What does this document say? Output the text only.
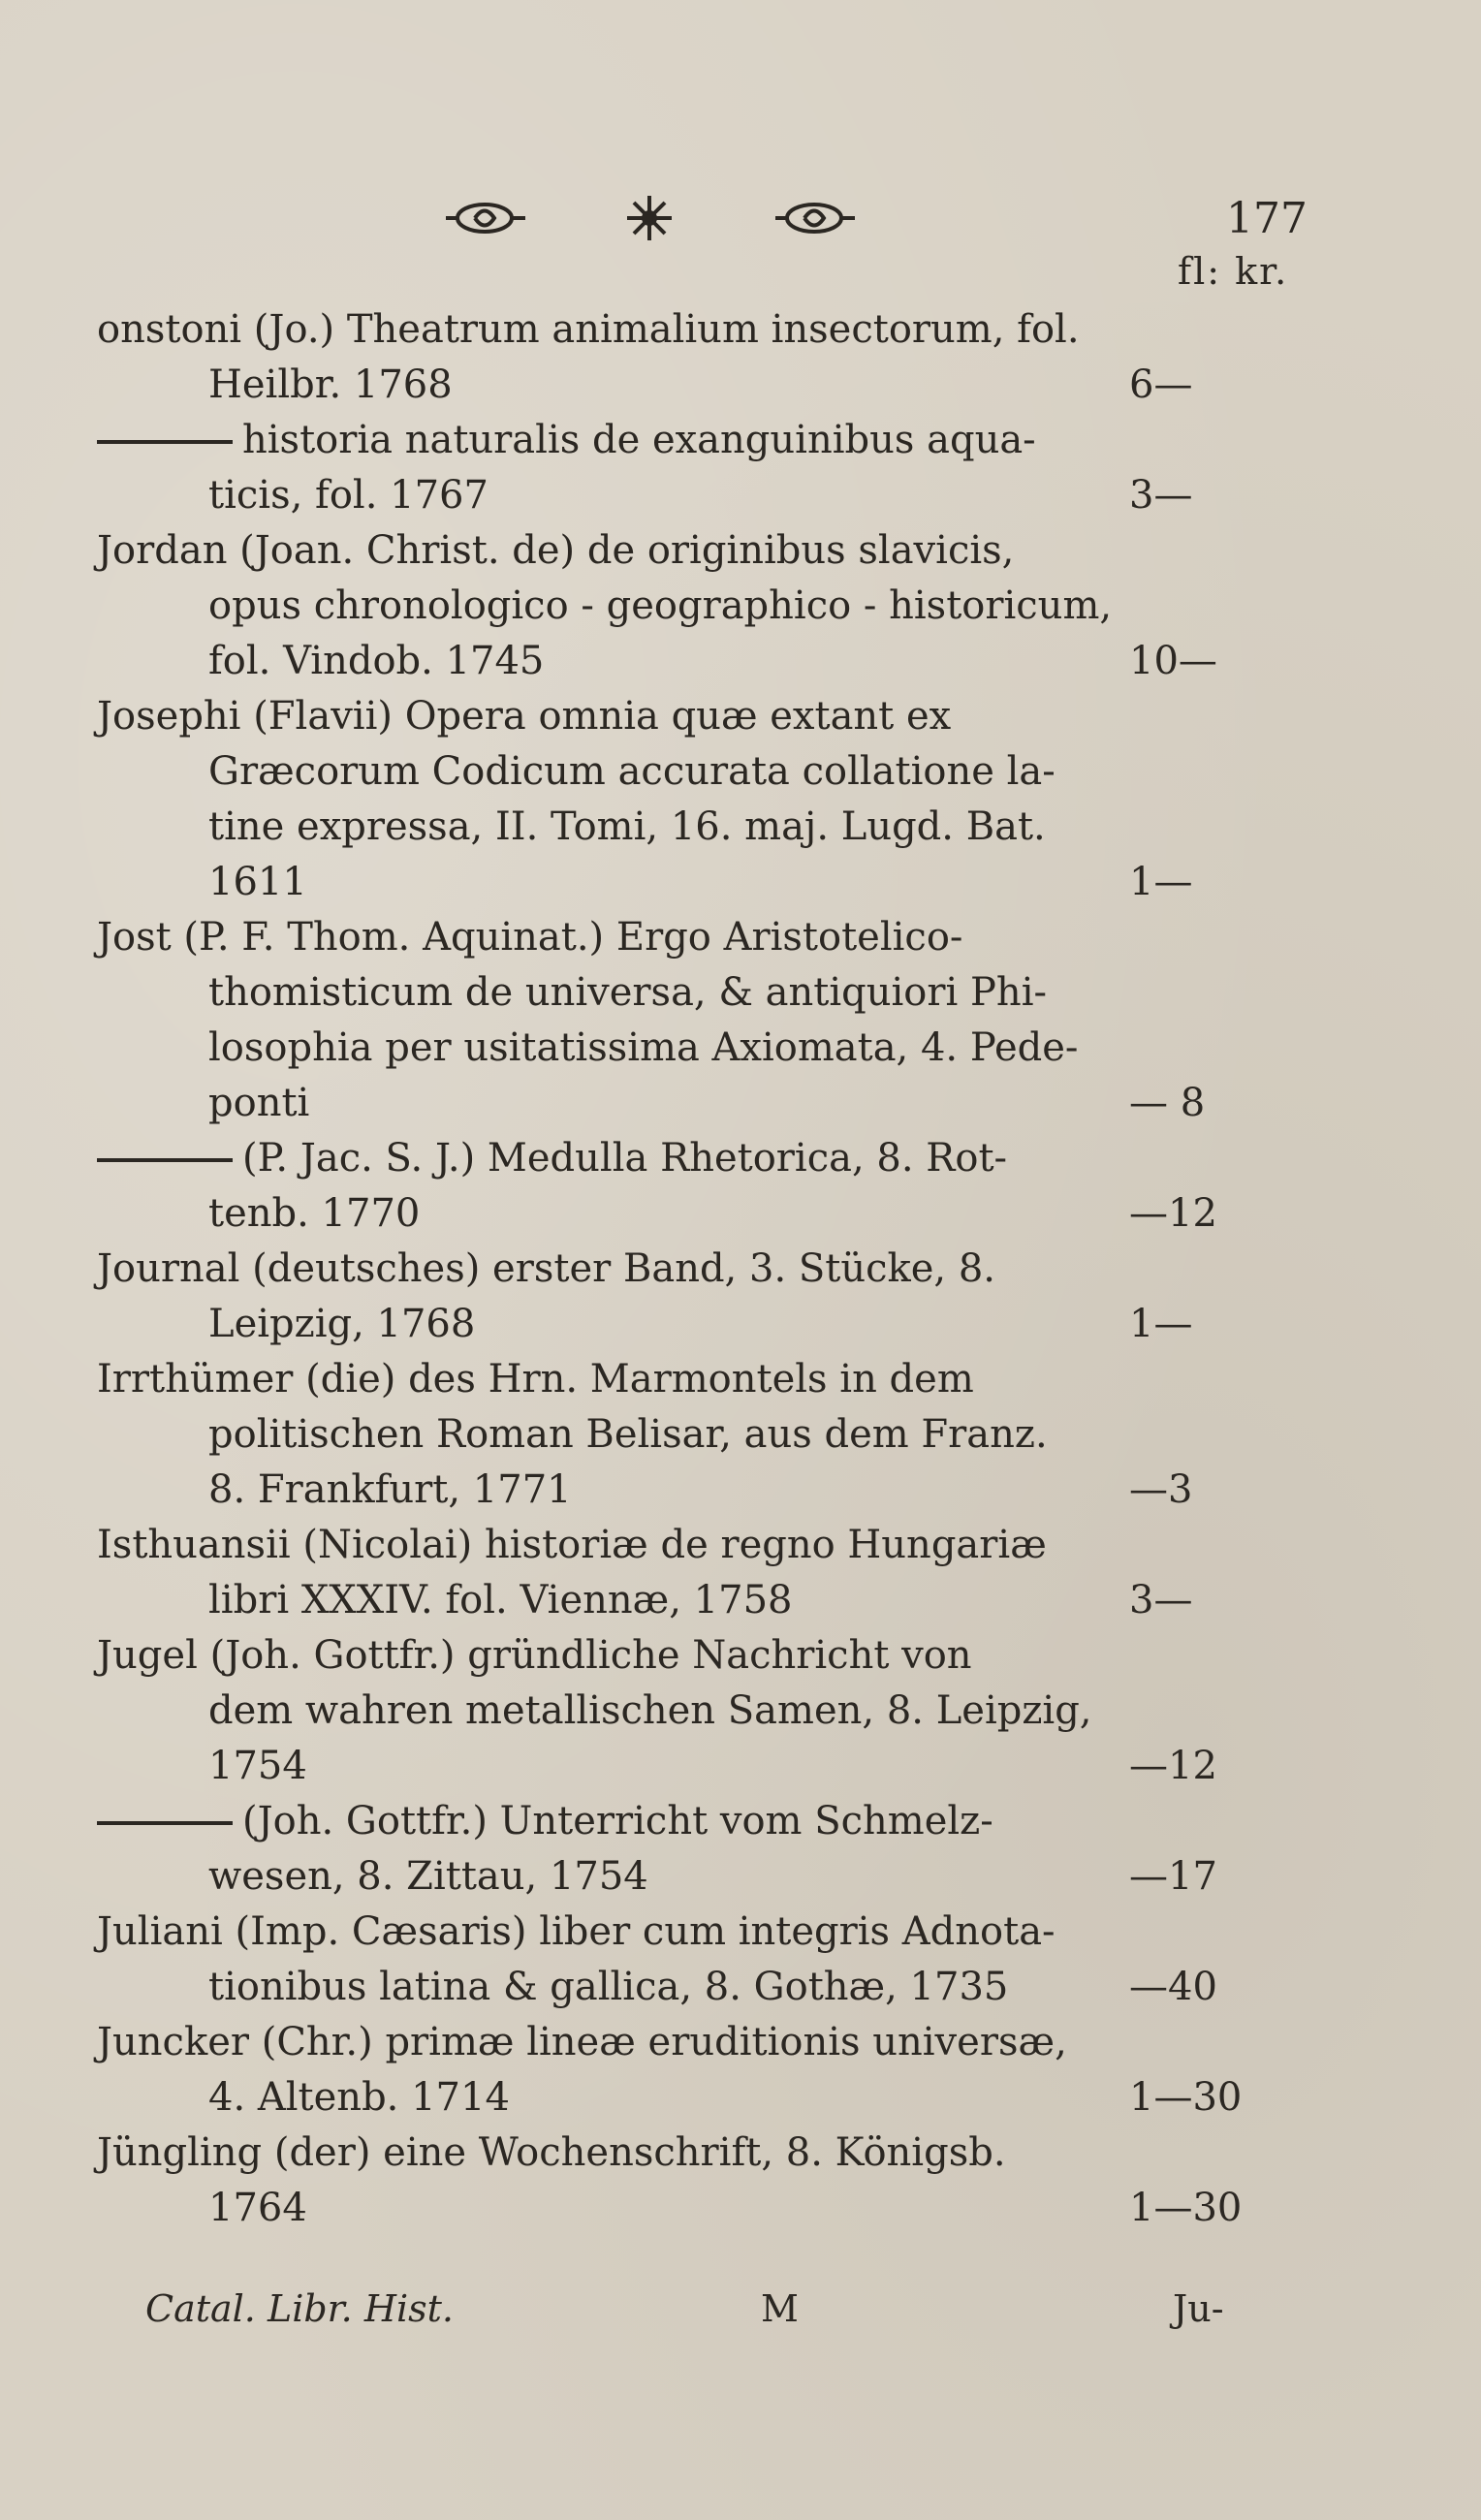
177
fl: kr.
onstoni (Jo.) Theatrum animalium insectorum, fol.
Heilbr. 1768	6—
historia naturalis de exanguinibus aqua-
ticis, fol. 1767	3—
Jordan (Joan. Christ. de) de originibus slavicis,
opus chronologico - geographico - historicum,
fol. Vindob. 1745	10—
Josephi (Flavii) Opera omnia quæ extant ex
Græcorum Codicum accurata collatione la-
tine expressa, II. Tomi, 16. maj. Lugd. Bat.
1611	1—
Jost (P. F. Thom. Aquinat.) Ergo Aristotelico-
thomisticum de universa, & antiquiori Phi-
losophia per usitatissima Axiomata, 4. Pede-
ponti	— 8
(P. Jac. S. J.) Medulla Rhetorica, 8. Rot-
tenb. 1770	—12
Journal (deutsches) erster Band, 3. Stücke, 8.
Leipzig, 1768	1—
Irrthümer (die) des Hrn. Marmontels in dem
politischen Roman Belisar, aus dem Franz.
8. Frankfurt, 1771	—3
Isthuansii (Nicolai) historiæ de regno Hungariæ
libri XXXIV. fol. Viennæ, 1758	3—
Jugel (Joh. Gottfr.) gründliche Nachricht von
dem wahren metallischen Samen, 8. Leipzig,
1754	—12
(Joh. Gottfr.) Unterricht vom Schmelz-
wesen, 8. Zittau, 1754	—17
Juliani (Imp. Cæsaris) liber cum integris Adnota-
tionibus latina & gallica, 8. Gothæ, 1735	—40
Juncker (Chr.) primæ lineæ eruditionis universæ,
4. Altenb. 1714	1—30
Jüngling (der) eine Wochenschrift, 8. Königsb.
1764	1—30
Catal. Libr. Hist.	M	Ju-
